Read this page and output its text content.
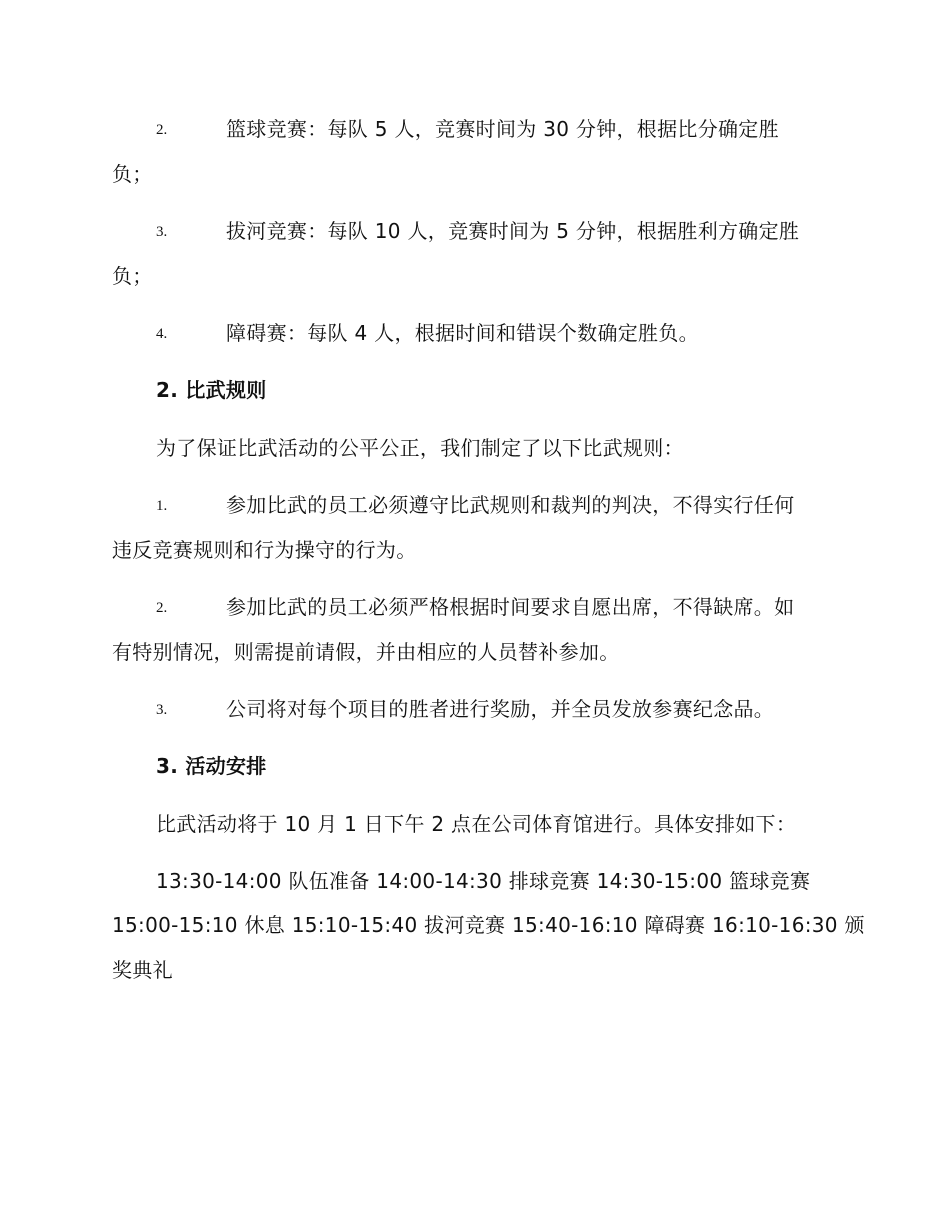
2.	篮球竞赛：每队 5 人，竞赛时间为 30 分钟，根据比分确定胜
负；
3.	拔河竞赛：每队 10 人，竞赛时间为 5 分钟，根据胜利方确定胜
负；
4.	障碍赛：每队 4 人，根据时间和错误个数确定胜负。
2. 比武规则
为了保证比武活动的公平公正，我们制定了以下比武规则：
1.	参加比武的员工必须遵守比武规则和裁判的判决，不得实行任何
违反竞赛规则和行为操守的行为。
2.	参加比武的员工必须严格根据时间要求自愿出席，不得缺席。如
有特别情况，则需提前请假，并由相应的人员替补参加。
3.	公司将对每个项目的胜者进行奖励，并全员发放参赛纪念品。
3. 活动安排
比武活动将于 10 月 1 日下午 2 点在公司体育馆进行。具体安排如下：
13:30-14:00 队伍准备 14:00-14:30 排球竞赛 14:30-15:00 篮球竞赛
15:00-15:10 休息 15:10-15:40 拔河竞赛 15:40-16:10 障碍赛 16:10-16:30 颁
奖典礼
